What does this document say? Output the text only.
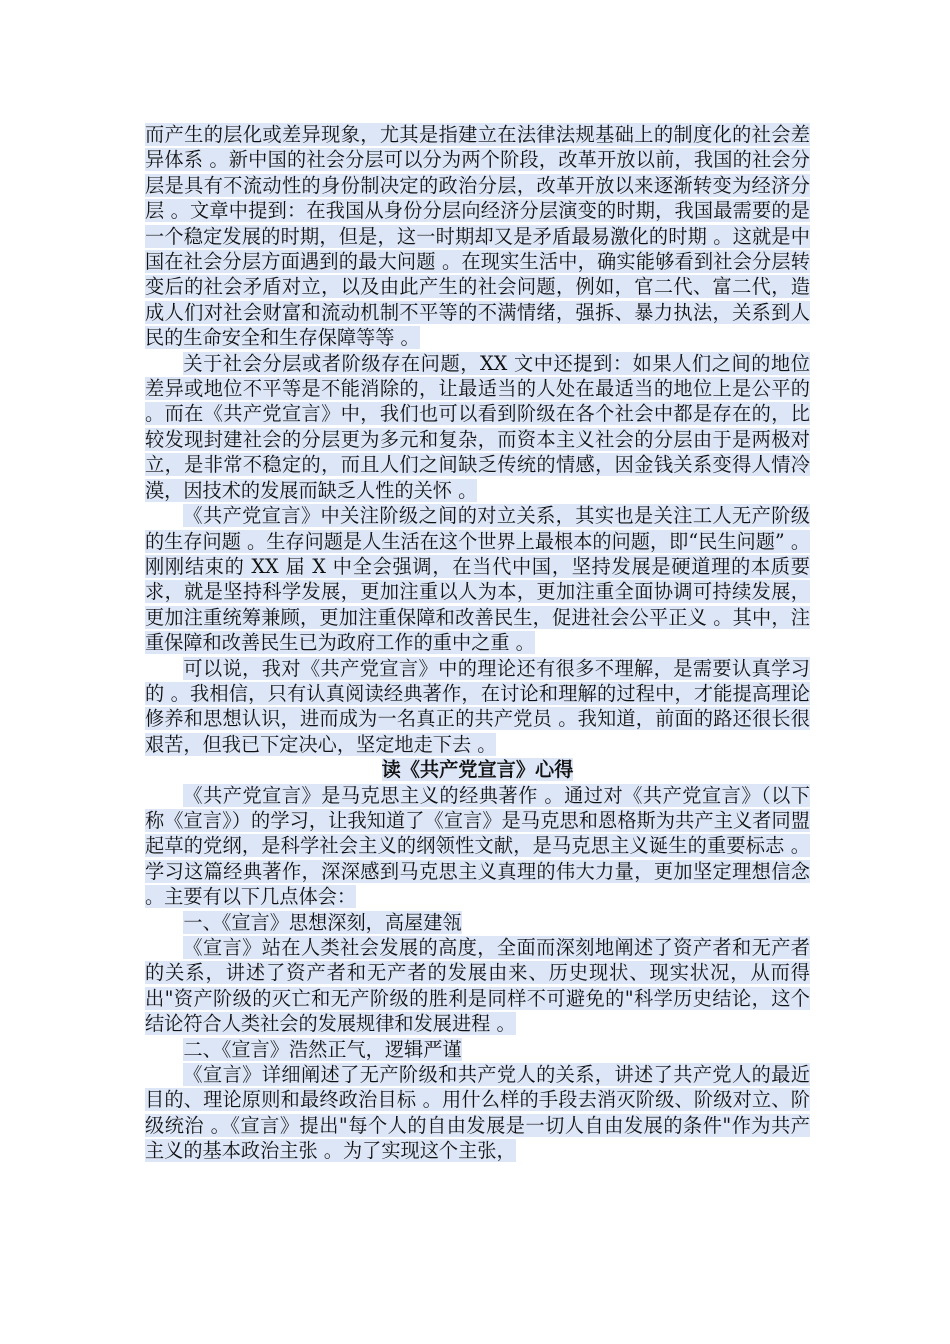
而产生的层化或差异现象，尤其是指建立在法律法规基础上的制度化的社会差异体系 。新中国的社会分层可以分为两个阶段，改革开放以前，我国的社会分层是具有不流动性的身份制决定的政治分层，改革开放以来逐渐转变为经济分层 。文章中提到：在我国从身份分层向经济分层演变的时期，我国最需要的是一个稳定发展的时期，但是，这一时期却又是矛盾最易激化的时期 。这就是中国在社会分层方面遇到的最大问题 。在现实生活中，确实能够看到社会分层转变后的社会矛盾对立，以及由此产生的社会问题，例如，官二代、富二代，造成人们对社会财富和流动机制不平等的不满情绪，强拆、暴力执法，关系到人民的生命安全和生存保障等等 。

关于社会分层或者阶级存在问题，XX 文中还提到：如果人们之间的地位差异或地位不平等是不能消除的，让最适当的人处在最适当的地位上是公平的 。而在《共产党宣言》中，我们也可以看到阶级在各个社会中都是存在的，比较发现封建社会的分层更为多元和复杂，而资本主义社会的分层由于是两极对立，是非常不稳定的，而且人们之间缺乏传统的情感，因金钱关系变得人情冷漠，因技术的发展而缺乏人性的关怀 。

《共产党宣言》中关注阶级之间的对立关系，其实也是关注工人无产阶级的生存问题 。生存问题是人生活在这个世界上最根本的问题，即“民生问题” 。刚刚结束的 XX 届 X 中全会强调，在当代中国，坚持发展是硬道理的本质要求，就是坚持科学发展，更加注重以人为本，更加注重全面协调可持续发展，更加注重统筹兼顾，更加注重保障和改善民生，促进社会公平正义 。其中，注重保障和改善民生已为政府工作的重中之重 。

可以说，我对《共产党宣言》中的理论还有很多不理解，是需要认真学习的 。我相信，只有认真阅读经典著作，在讨论和理解的过程中，才能提高理论修养和思想认识，进而成为一名真正的共产党员 。我知道，前面的路还很长很艰苦，但我已下定决心，坚定地走下去 。

读《共产党宣言》心得

《共产党宣言》是马克思主义的经典著作 。通过对《共产党宣言》（以下称《宣言》）的学习，让我知道了《宣言》是马克思和恩格斯为共产主义者同盟起草的党纲，是科学社会主义的纲领性文献，是马克思主义诞生的重要标志 。学习这篇经典著作，深深感到马克思主义真理的伟大力量，更加坚定理想信念 。主要有以下几点体会：

一、《宣言》思想深刻，高屋建瓴

《宣言》站在人类社会发展的高度，全面而深刻地阐述了资产者和无产者的关系，讲述了资产者和无产者的发展由来、历史现状、现实状况，从而得出"资产阶级的灭亡和无产阶级的胜利是同样不可避免的"科学历史结论，这个结论符合人类社会的发展规律和发展进程 。

二、《宣言》浩然正气，逻辑严谨

《宣言》详细阐述了无产阶级和共产党人的关系，讲述了共产党人的最近目的、理论原则和最终政治目标 。用什么样的手段去消灭阶级、阶级对立、阶级统治 。《宣言》提出"每个人的自由发展是一切人自由发展的条件"作为共产主义的基本政治主张 。为了实现这个主张，
